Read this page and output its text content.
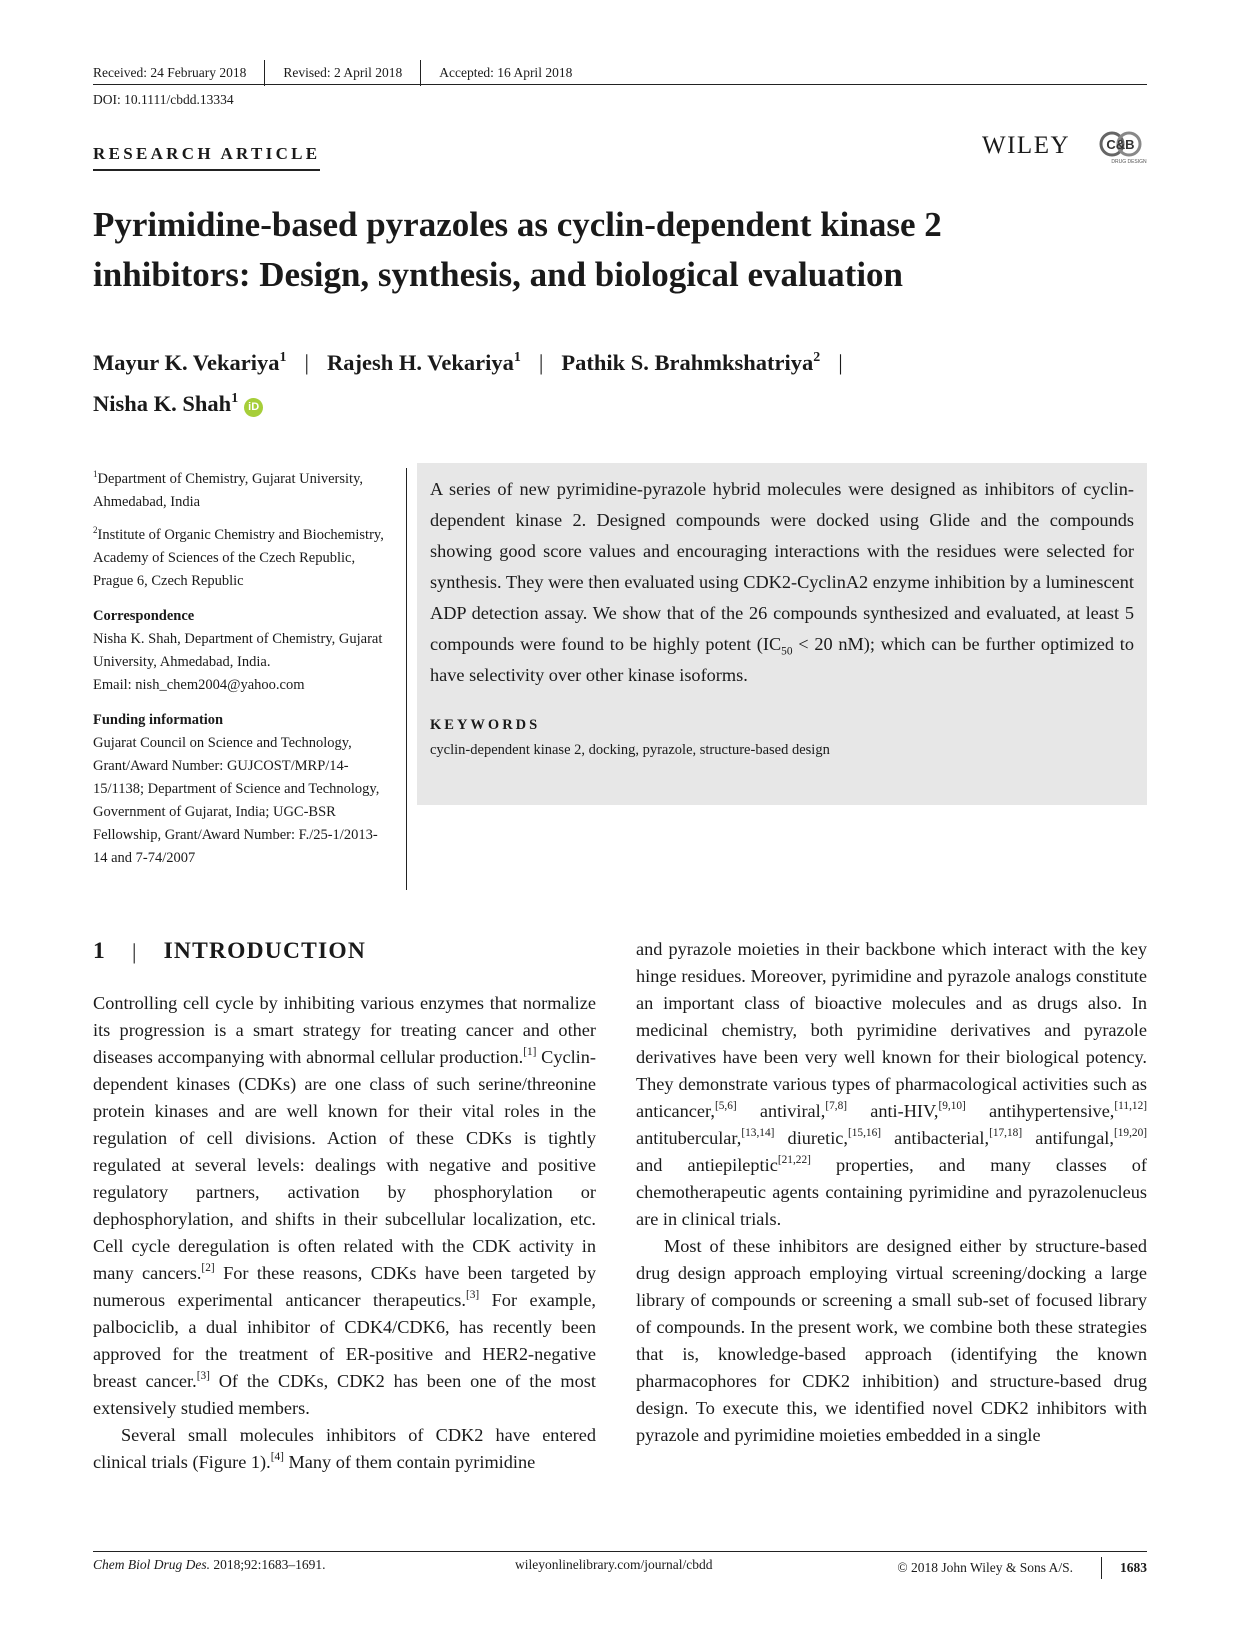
Received: 24 February 2018	Revised: 2 April 2018	Accepted: 16 April 2018
DOI: 10.1111/cbdd.13334
RESEARCH ARTICLE	WILEY	C&B
DRUG DESIGN
Pyrimidine-based pyrazoles as cyclin-dependent kinase 2 inhibitors: Design, synthesis, and biological evaluation
Mayur K. Vekariya$^1$ | Rajesh H. Vekariya$^1$ | Pathik S. Brahmkshatriya$^2$ |
Nisha K. Shah$^1$iD

$^1$Department of Chemistry, Gujarat University, Ahmedabad, India

$^2$Institute of Organic Chemistry and Biochemistry, Academy of Sciences of the Czech Republic, Prague 6, Czech Republic

Correspondence
Nisha K. Shah, Department of Chemistry, Gujarat University, Ahmedabad, India.
Email: nish_chem2004@yahoo.com

Funding information
Gujarat Council on Science and Technology, Grant/Award Number: GUJCOST/MRP/14-15/1138; Department of Science and Technology, Government of Gujarat, India; UGC-BSR Fellowship, Grant/Award Number: F./25-1/2013- 14 and 7-74/2007

A series of new pyrimidine-pyrazole hybrid molecules were designed as inhibitors of cyclin-dependent kinase 2. Designed compounds were docked using Glide and the compounds showing good score values and encouraging interactions with the residues were selected for synthesis. They were then evaluated using CDK2-CyclinA2 enzyme inhibition by a luminescent ADP detection assay. We show that of the 26 compounds synthesized and evaluated, at least 5 compounds were found to be highly potent ($IC_{50} < 20$ nM); which can be further optimized to have selectivity over other kinase isoforms.

KEYWORDS
cyclin-dependent kinase 2, docking, pyrazole, structure-based design
1 | INTRODUCTION

Controlling cell cycle by inhibiting various enzymes that normalize its progression is a smart strategy for treating cancer and other diseases accompanying with abnormal cellular production.[1] Cyclin-dependent kinases (CDKs) are one class of such serine/threonine protein kinases and are well known for their vital roles in the regulation of cell divisions. Action of these CDKs is tightly regulated at several levels: dealings with negative and positive regulatory partners, activation by phosphorylation or dephosphorylation, and shifts in their subcellular localization, etc. Cell cycle deregulation is often related with the CDK activity in many cancers.[2] For these reasons, CDKs have been targeted by numerous experimental anticancer therapeutics.[3] For example, palbociclib, a dual inhibitor of CDK4/CDK6, has recently been approved for the treatment of ER-positive and HER2-negative breast cancer.[3] Of the CDKs, CDK2 has been one of the most extensively studied members.

Several small molecules inhibitors of CDK2 have entered clinical trials (Figure 1).[4] Many of them contain pyrimidine

and pyrazole moieties in their backbone which interact with the key hinge residues. Moreover, pyrimidine and pyrazole analogs constitute an important class of bioactive molecules and as drugs also. In medicinal chemistry, both pyrimidine derivatives and pyrazole derivatives have been very well known for their biological potency. They demonstrate various types of pharmacological activities such as anticancer,[5,6] antiviral,[7,8] anti-HIV,[9,10] antihypertensive,[11,12] antitubercular,[13,14] diuretic,[15,16] antibacterial,[17,18] antifungal,[19,20] and antiepileptic[21,22] properties, and many classes of chemotherapeutic agents containing pyrimidine and pyrazolenucleus are in clinical trials.

Most of these inhibitors are designed either by structure-based drug design approach employing virtual screening/docking a large library of compounds or screening a small sub-set of focused library of compounds. In the present work, we combine both these strategies that is, knowledge-based approach (identifying the known pharmacophores for CDK2 inhibition) and structure-based drug design. To execute this, we identified novel CDK2 inhibitors with pyrazole and pyrimidine moieties embedded in a single

Chem Biol Drug Des. 2018;92:1683–1691.	wileyonlinelibrary.com/journal/cbdd	© 2018 John Wiley & Sons A/S.	1683
